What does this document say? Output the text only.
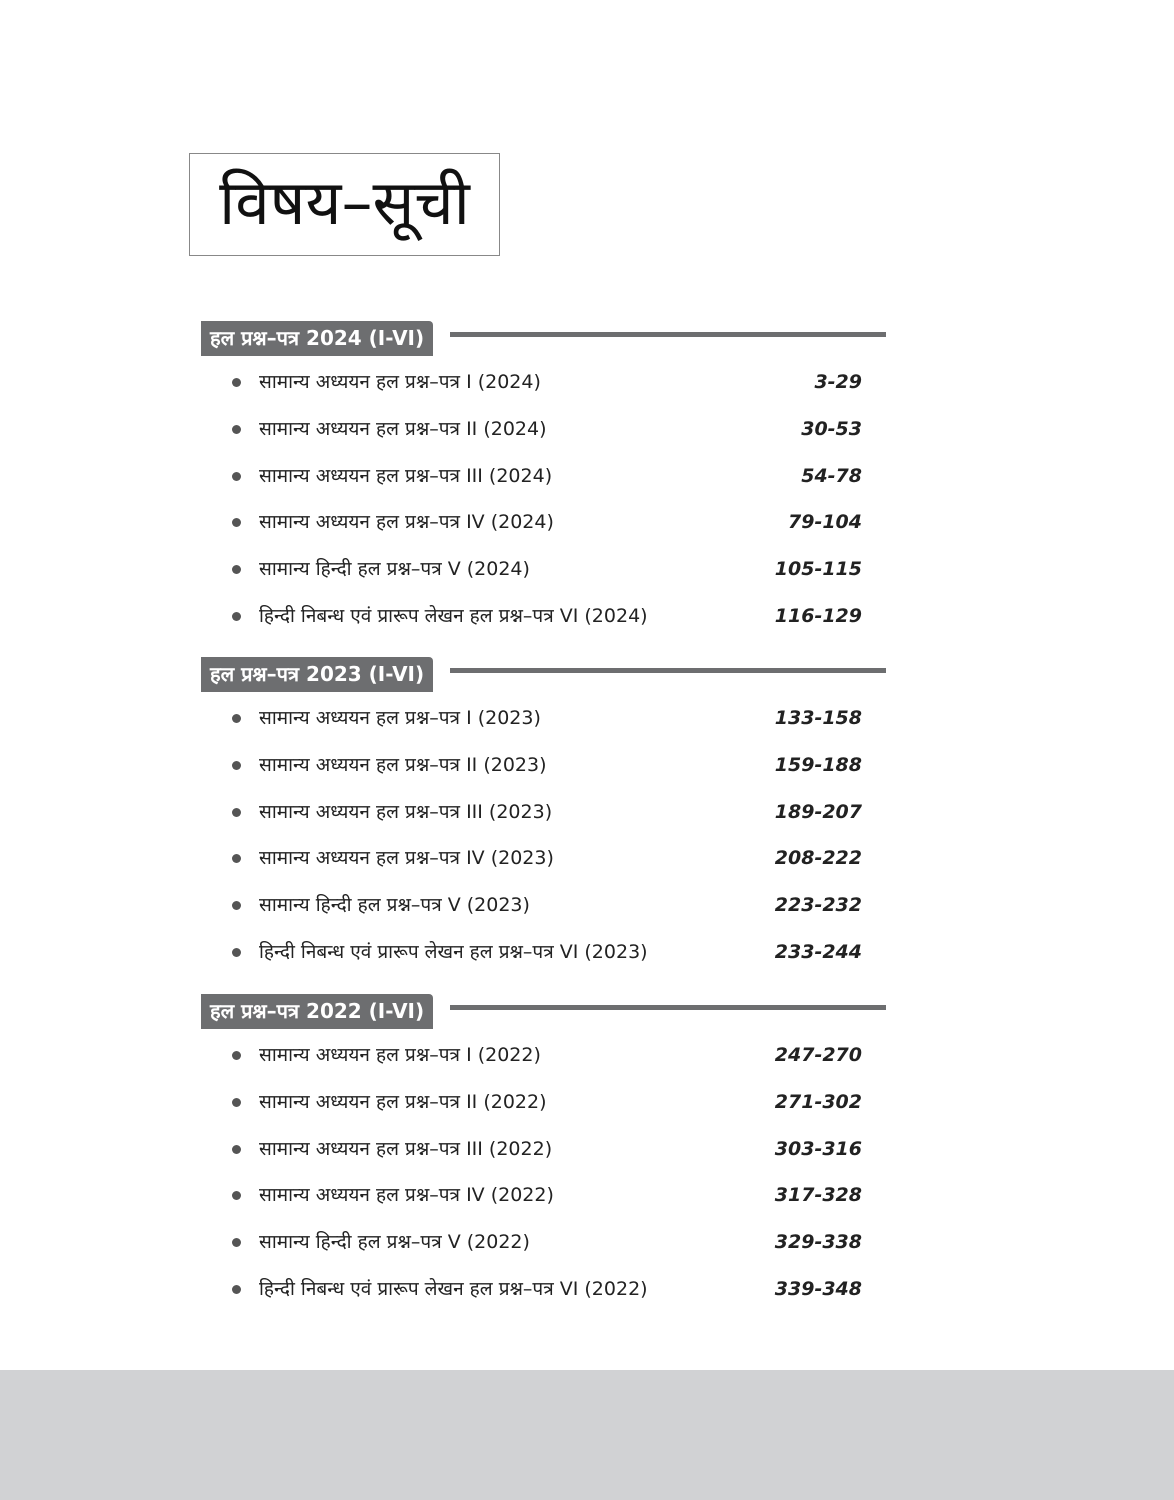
विषय–सूची
हल प्रश्न–पत्र 2024 (I-VI)
सामान्य अध्ययन हल प्रश्न–पत्र I (2024)	3-29
सामान्य अध्ययन हल प्रश्न–पत्र II (2024)	30-53
सामान्य अध्ययन हल प्रश्न–पत्र III (2024)	54-78
सामान्य अध्ययन हल प्रश्न–पत्र IV (2024)	79-104
सामान्य हिन्दी हल प्रश्न–पत्र V (2024)	105-115
हिन्दी निबन्ध एवं प्रारूप लेखन हल प्रश्न–पत्र VI (2024)	116-129
हल प्रश्न–पत्र 2023 (I-VI)
सामान्य अध्ययन हल प्रश्न–पत्र I (2023)	133-158
सामान्य अध्ययन हल प्रश्न–पत्र II (2023)	159-188
सामान्य अध्ययन हल प्रश्न–पत्र III (2023)	189-207
सामान्य अध्ययन हल प्रश्न–पत्र IV (2023)	208-222
सामान्य हिन्दी हल प्रश्न–पत्र V (2023)	223-232
हिन्दी निबन्ध एवं प्रारूप लेखन हल प्रश्न–पत्र VI (2023)	233-244
हल प्रश्न–पत्र 2022 (I-VI)
सामान्य अध्ययन हल प्रश्न–पत्र I (2022)	247-270
सामान्य अध्ययन हल प्रश्न–पत्र II (2022)	271-302
सामान्य अध्ययन हल प्रश्न–पत्र III (2022)	303-316
सामान्य अध्ययन हल प्रश्न–पत्र IV (2022)	317-328
सामान्य हिन्दी हल प्रश्न–पत्र V (2022)	329-338
हिन्दी निबन्ध एवं प्रारूप लेखन हल प्रश्न–पत्र VI (2022)	339-348
